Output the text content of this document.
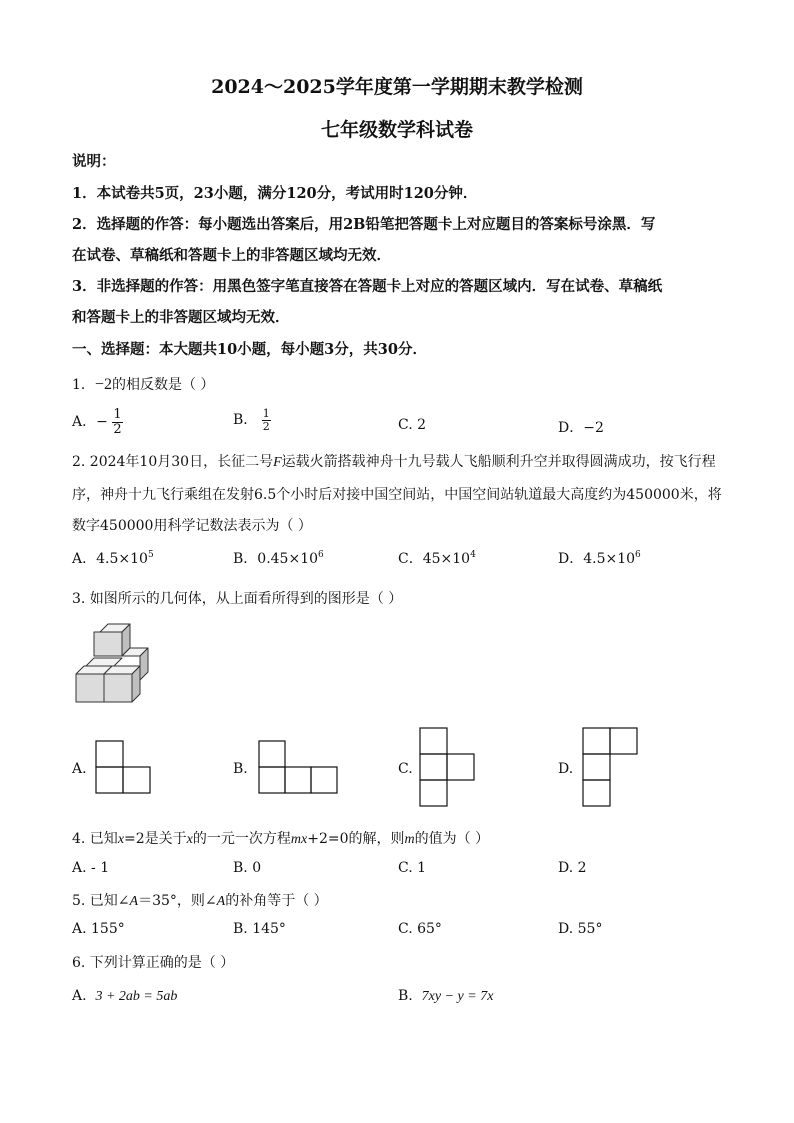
2024～2025学年度第一学期期末教学检测
七年级数学科试卷
说明：
1．本试卷共5页，23小题，满分120分，考试用时120分钟．
2．选择题的作答：每小题选出答案后，用2B铅笔把答题卡上对应题目的答案标号涂黑．写
在试卷、草稿纸和答题卡上的非答题区域均无效．
3．非选择题的作答：用黑色签字笔直接答在答题卡上对应的答题区域内．写在试卷、草稿纸
和答题卡上的非答题区域均无效．
一、选择题：本大题共10小题，每小题3分，共30分．
1．−2的相反数是（ ）
A．− $\frac{1}{2}$	B． $\frac{1}{2}$	C. 2	D．−2
2. 2024年10月30日，长征二号F运载火箭搭载神舟十九号载人飞船顺利升空并取得圆满成功，按飞行程
序，神舟十九飞行乘组在发射6.5个小时后对接中国空间站，中国空间站轨道最大高度约为450000米，将
数字450000用科学记数法表示为（ ）
A．$4.5\times 10^5$	B．$0.45\times 10^6$	C．$45\times 10^4$	D．$4.5\times 10^6$
3. 如图所示的几何体，从上面看所得到的图形是（ ）
A.	B.	C.	D.
4. 已知x=2是关于x的一元一次方程mx+2=0的解，则m的值为（ ）
A. - 1	B. 0	C. 1	D. 2
5. 已知∠A＝35°，则∠A的补角等于（ ）
A. 155°	B. 145°	C. 65°	D. 55°
6. 下列计算正确的是（ ）
A. 3 + 2ab = 5ab	B. 7xy − y = 7x
